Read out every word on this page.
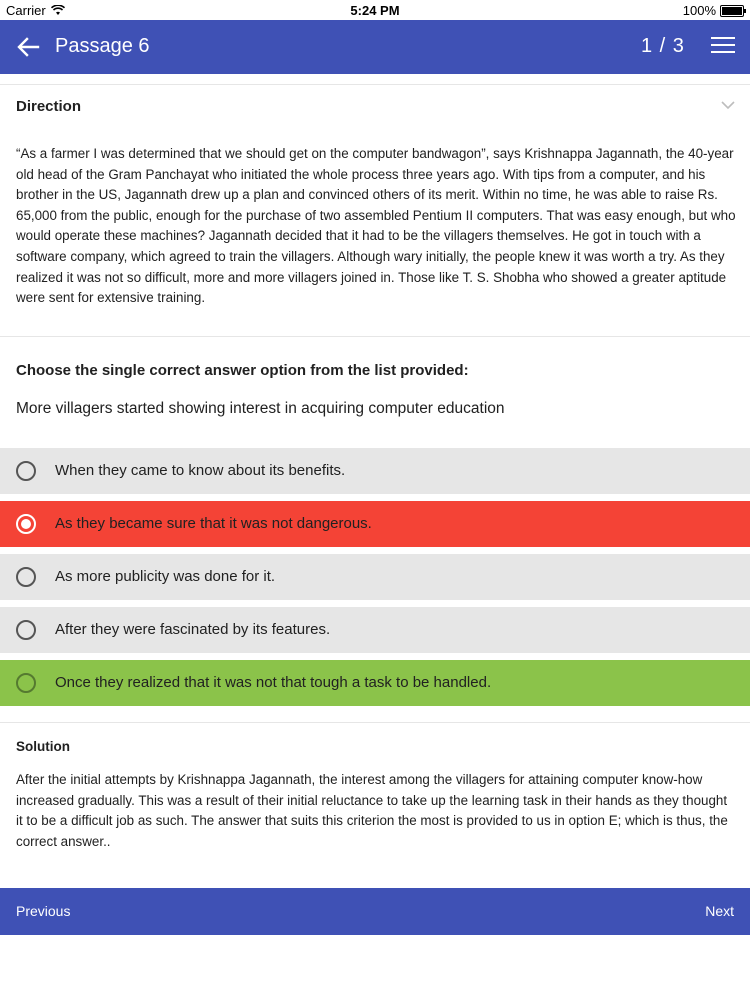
Carrier	5:24 PM	100%
Passage 6	1 / 3
Direction
“As a farmer I was determined that we should get on the computer bandwagon”, says Krishnappa Jagannath, the 40-year old head of the Gram Panchayat who initiated the whole process three years ago. With tips from a computer, and his brother in the US, Jagannath drew up a plan and convinced others of its merit. Within no time, he was able to raise Rs. 65,000 from the public, enough for the purchase of two assembled Pentium II computers. That was easy enough, but who would operate these machines? Jagannath decided that it had to be the villagers themselves. He got in touch with a software company, which agreed to train the villagers. Although wary initially, the people knew it was worth a try. As they realized it was not so difficult, more and more villagers joined in. Those like T. S. Shobha who showed a greater aptitude were sent for extensive training.
Choose the single correct answer option from the list provided:
More villagers started showing interest in acquiring computer education
When they came to know about its benefits.
As they became sure that it was not dangerous.
As more publicity was done for it.
After they were fascinated by its features.
Once they realized that it was not that tough a task to be handled.
Solution
After the initial attempts by Krishnappa Jagannath, the interest among the villagers for attaining computer know-how increased gradually. This was a result of their initial reluctance to take up the learning task in their hands as they thought it to be a difficult job as such. The answer that suits this criterion the most is provided to us in option E; which is thus, the correct answer..
Previous	Next
